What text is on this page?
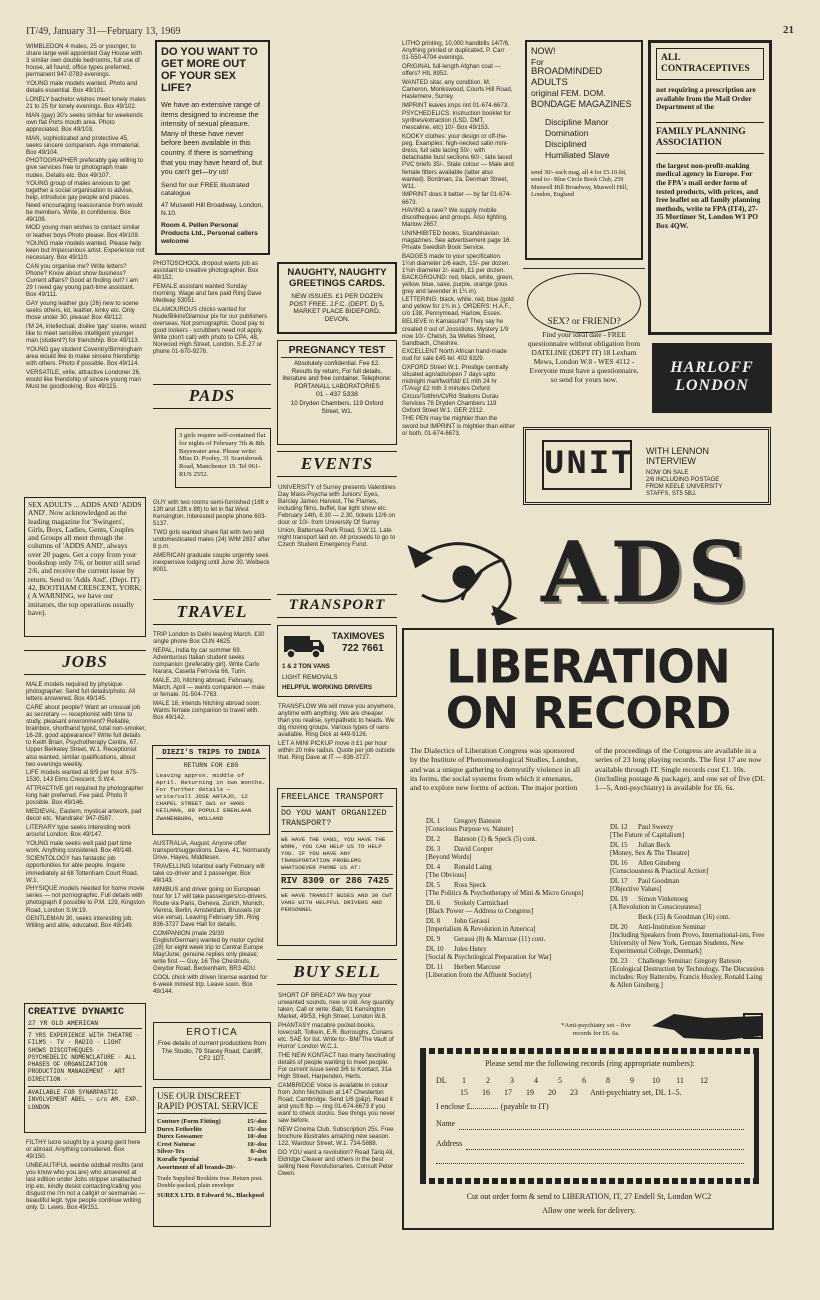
IT/49, January 31—February 13, 1969	21

WIMBLEDON 4 males, 25 or younger, to share large well appointed Gay House with 3 similar own double bedrooms, full use of house, all found, office types preferred, permanent 947-0783 evenings.

YOUNG male models wanted. Photo and details essential. Box 49/101.

LONELY bachelor wishes meet lonely males 21 to 25 for lonely evenings. Box 49/102.

MAN (gay) 30's seeks similar for weekends own flat Ports mouth area. Photo appreciated. Box 49/103.

MAN, sophisticated and protective 45, seeks sincere companion. Age immaterial. Box 49/104.

PHOTOGRAPHER preferably gay willing to give services free to photograph male nudes. Details etc. Box 49/107.

YOUNG group of males anxious to get together a social organisation to advise, help, introduce gay people and places. Need encouraging reassurance from would be members. Write, in confidence. Box 49/108.

MOD young man wishes to contact similar or leather boys Photo please. Box 49/109.

YOUNG male models wanted. Please help keen but Impecunious artist. Experience not necessary. Box 49/110.

CAN you organise me? Write letters? Phone? Know about show business? Current affairs? Good at finding out? I am 29 I need gay young part-time assistant. Box 49/111.

GAY young leather guy (26) new to scene seeks others, kit, leather, kinky etc. Only those under 30, please! Box 49/112.

I'M 24, intellectual, dislike 'gay' scene, would like to meet sensitive intelligent younger man (student?) for friendship. Box 49/113.

YOUNG gay student Coventry/Birmingham area would like to make sincere friendship with others. Photo if possible. Box 49/114.

VERSATILE, virile, attractive Londoner 26, would like friendship of sincere young man Must be goodlooking. Box 49/115.

SEX ADULTS ... ADDS AND 'ADDS AND'. Now acknowledged as the leading magazine for 'Swingers', Girls, Boys, Ladies, Gents, Couples and Groups all meet through the columns of 'ADDS AND', always over 20 pages. Get a copy from your bookshop only 7/6, or better still send 2/6, and receive the current issue by return. Send to 'Adds And', (Dept. IT) 42, BOOTHAM CRESCENT, YORK; ( A WARNING, we have our imitators, the top operations usually have).
JOBS

MALE models required by physique photographer. Send full details/photo. All letters answered. Box 49/145.

CARE about people? Want an unusual job as secretary — receptionist with time to study, pleasant environment? Reliable, brainbox, shorthand typist, total non-smoker, 16-28, good appearance? Write full details to Keith Brian, Psychotherapy Centre, 67, Upper Berkeley Street, W.1. Receptionist also wanted, similar qualifications, about two evenings weekly.

LIFE models wanted at 8/9 per hour. 675-1530, 143 Elms Crescent, S.W.4.

ATTRACTIVE girl required by photographer long hair preferred. Fee paid. Photo if possible. Box 49/146.

MEDIEVAL, Eastern, mystical artwork, pad decor etc. 'Mandrake' 947-0587.

LITERARY type seeks interesting work around London. Box 49/147.

YOUNG male seeks well paid part time work. Anything considered. Box 49/148.

SCIENTOLOGY has fantastic job opportunities for able people. Inquire immediately at 68 Tottenham Court Road, W.1.

PHYSIQUE models needed for home movie series — not pornographic. Full details with photograph if possible to P.M. 129, Kingston Road, London S.W.19.

GENTLEMAN 30, seeks interesting job. Willing and able, educated. Box 49/149.

CREATIVE DYNAMIC
27 YR OLD AMERICAN
7 YRS EXPERIENCE WITH THEATRE · FILMS · TV · RADIO · LIGHT SHOWS DISCOTHEQUES · PSYCHEDELIC NOMENCLATURE · ALL PHASES OF ORGANIZATION PRODUCTION MANAGEMENT · ART DIRECTION ·
AVAILABLE FOR SYNARPASTIC INVOLVEMENT ABEL - c/o AM. EXP. LONDON

FILTHY lucre sought by a young gent here or abroad. Anything considered. Box 49/150.

UNBEAUTIFUL weirdie oddball misfits (and you know who you are) who answered at last edition under Jobs stripper unattached trip etc. kindly desist contacting/calling you disgust me I'm not a callgirl or sexmaniac — beautiful legit. type people continue writing only. D. Lewis. Box 49/151.

DO YOU WANT TO GET MORE OUT OF YOUR SEX LIFE?
We have an extensive range of items designed to increase the intensity of sexual pleasure. Many of these have never before been available in this country. If there is something that you may have heard of, but you can't get—try us!
Send for our FREE illustrated catalogue
47 Muswell Hill Broadway, London, N.10.
Room 4. Pellen Personal Products Ltd., Personal callers welcome

PHOTOSCHOOL dropout wants job as assistant to creative photographer. Box 49/152.

FEMALE assistant wanted Sunday morning. Wage and fare paid Ring Dave Medway 53051.

GLAMOUROUS chicks wanted for Nude/Bikini/Glamour pix for our publishers overseas. Not pornographic. Good pay to good lookers - scrubbers need not apply. Write (don't call) with photo to CPA, 48, Norwood High Street, London, S.E.27 or phone 01-670-9276.

PADS
3 girls require self-contained flat for nights of February 7th & 8th. Bayswater area. Please write: Miss D. Pooley, 31 Scarisbrook Road, Manchester 19. Tel 061-RUS 2552.

GUY with two rooms semi-furnished (16ft x 13ft and 13ft x 8ft) to let in flat West Kensington. Interested people phone 603-5137.

TWO girls wanted share flat with two wild undomesticated males (24) WIM 2837 after 8 p.m.

AMERICAN graduate couple urgently seek inexpensive lodging until June 30. Welbeck 8001.

TRAVEL

TRIP London to Delhi leaving March. £30 single phone Box CUN 4625.

NEPAL, India by car summer 69. Adventurous Italian student seeks companion (preferably girl). Write Carlo Narara, Casella Ferrovia 66, Turin.

MALE, 20, hitching abroad, February, March, April — wants companion — male or female. 01-504-7763.

MALE 18, intends hitching abroad soon. Wants female companion to travel with. Box 49/142.

DIEZI'S TRIPS TO INDIA
RETURN FOR £80
Leaving approx. middle of April. Returning in two months. For further details — write/call JOSE ARTAJO, 12 CHAPEL STREET SW1 or HANS KEILMAN, 89 POPULI ERENLAAN ZWANENBURG, HOLLAND

AUSTRALIA, August. Anyone offer transport/suggestions. Dave, 41, Normandy Drive, Hayes, Middlesex.

TRAVELLING Istanbul early February will take co-driver and 1 passenger. Box 49/143.

MINIBUS and driver going on European tour for 17 will take passengers/co-drivers. Route via Paris, Geneva, Zurich, Munich, Vienna, Berlin, Amsterdam, Brussels (or vice versa). Leaving February 5th. Ring 836-3727 Dave Hall for details.

COMPANION (male 29/30 English/German) wanted by motor cyclist (28) for eight week trip to Central Europe May/June; genuine replies only please; write first — Guy, 16 The Chestnuts, Gwydor Road, Beckenham, BR3 4DU.

COOL chick with driven license wanted for 6-week miniest trip. Leave soon. Box 49/144.

EROTICA
Free details of current productions from The Studio, 79 Stacey Road, Cardiff, CF2 1DT.
USE OUR DISCREET RAPID POSTAL SERVICE
Conture (Form Fitting)	15/-doz
Durex Fetherlite	15/-doz
Durex Gossamer	10/-doz
Crest Naturac	10/-doz
Silver-Tex	8/-doz
Koralle Spezial	3/-each
Assortment of all brands-20/-
Trade Supplied Booklets free. Return post. Double-packed, plain envelope
SUREX LTD. 8 Edward St., Blackpool
NAUGHTY, NAUGHTY GREETINGS CARDS.
NEW ISSUES. £1 PER DOZEN POST FREE. J.F.C. (DEPT. D) 5, MARKET PLACE BIDEFORD, DEVON.
PREGNANCY TEST
Absolutely confidential. Fee £2.
Results by return, For full details, literature and free container. Telephone: PORTANALL LABORATORIES
01 - 437 5338
10 Dryden Chambers, 119 Oxford Street, W1.
EVENTS

UNIVERSITY of Surrey presents Valentines Day Mass-Psycha with Juniors' Eyes, Barclay James Harvest, The Flames, including films, buffet, bar light show etc. February 14th, 8.30 — 2.30, tickets 12/6 on door or 10/- from University Of Surrey Union, Battersea Park Road, S.W.11. Late night transport laid on. All proceeds to go to Czech Student Emergency Fund.

TRANSPORT
TAXIMOVES
722 7661
1 & 2 TON VANS
LIGHT REMOVALS
HELPFUL WORKING DRIVERS

TRANSFLOW We will move you anywhere, anytime with anything. We are cheaper than you realise, sympathetic to heads. We dig moving groups. Various types of vans available. Ring Dick at 449-9126.

LET A MINI PICKUP move it £1 per hour within 20 mile radius. Quote per job outside that. Ring Dave at IT — 836-3727.

FREELANCE TRANSPORT
DO YOU WANT ORGANIZED TRANSPORT?
WE HAVE THE VANS, YOU HAVE THE WORK, YOU CAN HELP US TO HELP YOU. IF YOU HAVE ANY TRANSPORTATION PROBLEMS WHATSOEVER PHONE US AT:
RIV 8309 or 286 7425
WE HAVE TRANSIT BUSES AND 30 CWT VANS WITH HELPFUL DRIVERS AND PERSONNEL
BUY SELL

SHORT OF BREAD? We buy your unwanted sounds, new or old. Any quantity taken. Call or write: Bab, 91 Kensington Market, 49/53, High Street, London W.8.

PHANTASY macabre pocket-books, lovecraft, Tolkein, E.R. Burroughs, Conans etc. SAE for list. Write to:- BM/'The Vault of Horror' London W.C.1.

THE NEW KONTACT has many fascinating details of people wanting to meet people. For current issue send 3/6 to Kontact, 31a High Street, Harpenden, Herts.

CAMBRIDGE Voice is available in colour from John Nicholson at 147 Chesterton Road, Cambridge. Send 1/6 (p&p). Read it and you'll flip — ring 01-674-6673 if you want to check stocks. See things you never saw before.

NEW Cinema Club. Subscription 25s. Free brochure illustrates amazing new season. 122, Wardour Street, W.1. 734-5888.

DO YOU want a revolution? Read Tariq Ali, Eldridge Cleaver and others in the best selling New Revolutionaries. Consult Peter Owen.

LITHO printing, 10,000 handbills 14/7/6, Anything printed or duplicated, P. Carr 01-550-4704 evenings.

ORIGINAL full-length Afghan coat — offers? HIL 8952.

WANTED sitar, any condition. M. Cameron, Monkswood, Courts Hill Road, Haslemere, Surrey.

IMPRINT leaves imps rint 01-674-6673.

PSYCHEDELICS: Instruction booklet for synthes/extraction (LSD, DMT, mescaline, etc) 10/- Box 49/153.

KOOKY clothes: your design or off-the-peg. Examples: high-necked satin mini-dress, full side lacing 50/-; with detachable bust sections 60/-; side laced PVC briefs 35/-. State colour — Male and female fitters available (latter also wanted). Bordman, 2a, Denman Street, W11.

IMPRINT does it better — by far 01-674-6673.

HAVING a rave? We supply mobile discotheques and groups. Also lighting. Marlow 2657.

UNINHIBITED books, Scandinavian magazines. See advertisement page 16. Private Swedish Book Service.

BADGES made to your specification. 1¼in diameter 1/6 each, 15/- per dozen. 1¾in diameter 2/- each, £1 per dozen. BACKGROUND: red, black, white, green, yellow, blue, saxe, purple, orange (plus grey and lavender in 1¼ in). LETTERING: black, white, red, blue (gold and yellow for 1¾ in.). ORDERS: H.A.F., c/o 138, Pennymead, Harlow, Essex.

BELIEVE in Kamasutra? They say he created it out of Josssticks. Mystery 1/9 now 10/- Chelsh, 3a Welles Street, Sandbach, Cheshire.

EXCELLENT North African hand-made oud for sale £45 tel. 402 6329.

OXFORD Street W.1. Prestige centrally situated agn/ads/open 7 days upto midnight mail/fwd/fdd/ £1 mth 24 hr /T/Asg/ £2 mth 3 minutes Oxford Circus/Totthm/Ct/Rd Stations Durau Services 78 Dryden Chambers 119 Oxford Street W.1. GER 2312.

THE PEN may be mightier than the sword but IMPRINT is mightier than either or both. 01-674-6673.

NOW!
For
BROADMINDED ADULTS
original FEM. DOM.
BONDAGE MAGAZINES
Discipline Manor
Domination
Disciplined
Humiliated Slave
send 30/- each mag, all 4 for £5.10.0d, send to:- Blue Circle Book Club, 259 Muswell Hill Broadway, Muswell Hill, London, England
ALL CONTRACEPTIVES
not requiring a prescription are available from the Mail Order Department of the
FAMILY PLANNING ASSOCIATION
the largest non-profit-making medical agency in Europe. For the FPA's mail order form of tested products, with prices, and free leaflet on all family planning methods, write to FPA (IT4), 27-35 Mortimer St, London W1 PO Box 4QW.
SEX? or FRIEND?
Find your ideal date - FREE questionnaire without obligation from DATELINE (DEPT IT) 18 Lexham Mews, London W.8 - WES 4112 - Everyone must have a questionnaire, so send for yours now.
HARLOFF
LONDON
UNIT WITH LENNON
INTERVIEW
NOW ON SALE
2/6 INCLUDING POSTAGE
FROM KEELE UNIVERSITY
STAFFS, ST5 5BJ.
ADS
LIBERATION
ON RECORD
The Dialectics of Liberation Congress was sponsored by the Institute of Phenomenological Studies, London, and was a unique gathering to demystify violence in all its forms, the social systems from which it emenates, and to explore new forms of action. The major portion of the proceedings of the Congress are available in a series of 23 long playing records. The first 17 are now available through IT. Single records cost £1. 10s. (including postage & package), and one set of five (DL 1—5, Anti-psychiatry) is available for £6. 6s.
DL 1	Gregory Bateson
[Conscious Purpose vs. Nature]
DL 2	Bateson (1) & Speck (5) cont.
DL 3	David Cooper
[Beyond Words]
DL 4	Ronald Laing
[The Obvious]
DL 5	Ross Speck
[The Politics & Psychotherapy of Mini & Micro Groups]
DL 6	Stokely Carmichael
[Black Power — Address to Congress]
DL 8	John Gerassi
[Imperialism & Revolution in America]
DL 9	Gerassi (8) & Marcuse (11) cont.
DL 10	Jules Henry
[Social & Psychological Preparation for War]
DL 11	Herbert Marcuse
[Liberation from the Affluent Society]
DL 12	Paul Sweezy
[The Future of Capitalism]
DL 15	Julian Beck
[Money, Sex & The Theatre]
DL 16	Allen Ginsberg
[Consciousness & Practical Action]
DL 17	Paul Goodman
[Objective Values]
DL 19	Simon Vinkenoog
[A Revolution in Consciousness]
Beck (15) & Goodman (16) cont.
DL 20	Anti-Institution Seminar
[Including Speakers from Provo, International-ists, Free University of New York, German Students, New Experimental College, Denmark]
DL 23	Challenge Seminar: Gregory Bateson
[Ecological Destruction by Technology. The Discussion includes: Roy Battersby, Francis Huxley, Ronald Laing & Allen Ginsberg.]
*Anti-psychiatry set – five records for £6. 6s.
Please send me the following records (ring appropriate numbers):
DL	1	2	3	4	5	6	8	9	10 11 12
15 16 17 19 20 23 Anti-psychiatry set, DL 1–5.
I enclose £.............. (payable to IT)
Name
Address
Cut out order form & send to LIBERATION, IT, 27 Endell St, London WC2
Allow one week for delivery.
